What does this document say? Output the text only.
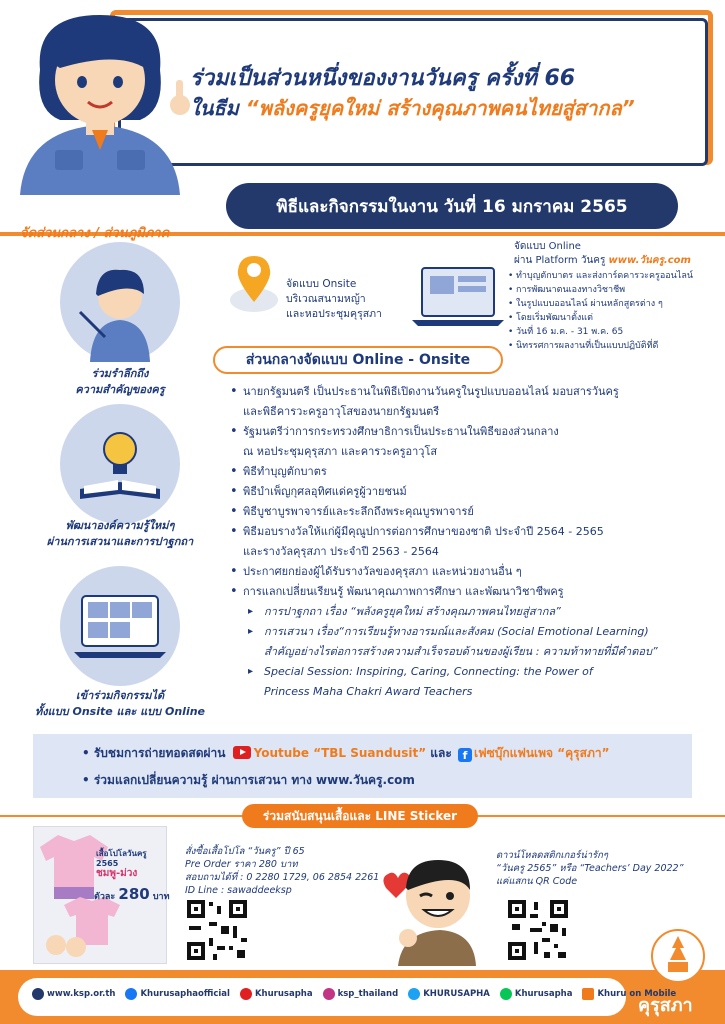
ร่วมเป็นส่วนหนึ่งของงานวันครู ครั้งที่ 66
ในธีม “พลังครูยุคใหม่ สร้างคุณภาพคนไทยสู่สากล”
พิธีและกิจกรรมในงาน วันที่ 16 มกราคม 2565
จัดส่วนกลาง / ส่วนภูมิภาค
ร่วมรำลึกถึง
ความสำคัญของครู
พัฒนาองค์ความรู้ใหม่ๆ
ผ่านการเสวนาและการปาฐกถา
เข้าร่วมกิจกรรมได้
ทั้งแบบ Onsite และ แบบ Online
จัดแบบ Onsite
บริเวณสนามหญ้า
และหอประชุมคุรุสภา
จัดแบบ Online
ผ่าน Platform วันครู www.วันครู.com
• ทำบุญตักบาตร และส่งการ์ดคารวะครูออนไลน์
• การพัฒนาตนเองทางวิชาชีพ
• ในรูปแบบออนไลน์ ผ่านหลักสูตรต่าง ๆ
• โดยเริ่มพัฒนาตั้งแต่
• วันที่ 16 ม.ค. - 31 พ.ค. 65
• นิทรรศการผลงานที่เป็นแบบปฏิบัติที่ดี
ส่วนกลางจัดแบบ Online - Onsite
• นายกรัฐมนตรี เป็นประธานในพิธีเปิดงานวันครูในรูปแบบออนไลน์ มอบสารวันครู
และพิธีคารวะครูอาวุโสของนายกรัฐมนตรี
• รัฐมนตรีว่าการกระทรวงศึกษาธิการเป็นประธานในพิธีของส่วนกลาง
ณ หอประชุมคุรุสภา และคารวะครูอาวุโส
• พิธีทำบุญตักบาตร
• พิธีบำเพ็ญกุศลอุทิศแด่ครูผู้วายชนม์
• พิธีบูชาบูรพาจารย์และระลึกถึงพระคุณบูรพาจารย์
• พิธีมอบรางวัลให้แก่ผู้มีคุณูปการต่อการศึกษาของชาติ ประจำปี 2564 - 2565
และรางวัลคุรุสภา ประจำปี 2563 - 2564
• ประกาศยกย่องผู้ได้รับรางวัลของคุรุสภา และหน่วยงานอื่น ๆ
• การแลกเปลี่ยนเรียนรู้ พัฒนาคุณภาพการศึกษา และพัฒนาวิชาชีพครู
▸ การปาฐกถา เรื่อง “พลังครูยุคใหม่ สร้างคุณภาพคนไทยสู่สากล”
▸ การเสวนา เรื่อง“การเรียนรู้ทางอารมณ์และสังคม (Social Emotional Learning)
สำคัญอย่างไรต่อการสร้างความสำเร็จรอบด้านของผู้เรียน : ความท้าทายที่มีคำตอบ”
▸ Special Session: Inspiring, Caring, Connecting: the Power of
Princess Maha Chakri Award Teachers
• รับชมการถ่ายทอดสดผ่าน Youtube “TBL Suandusit” และ f เฟซบุ๊กแฟนเพจ “คุรุสภา”
• ร่วมแลกเปลี่ยนความรู้ ผ่านการเสวนา ทาง www.วันครู.com
ร่วมสนับสนุนเสื้อและ LINE Sticker
เสื้อโปโลวันครู 2565
ชมพู-ม่วง
ตัวละ 280 บาท
สั่งซื้อเสื้อโปโล “วันครู” ปี 65
Pre Order ราคา 280 บาท
สอบถามได้ที่ : 0 2280 1729, 06 2854 2261
ID Line : sawaddeeksp
ดาวน์โหลดสติกเกอร์น่ารักๆ
“วันครู 2565” หรือ “Teachers’ Day 2022”
แค่แสกน QR Code
www.ksp.or.th	Khurusaphaofficial	Khurusapha	ksp_thailand	KHURUSAPHA	Khurusapha	Khuru on Mobile
คุรุสภา
